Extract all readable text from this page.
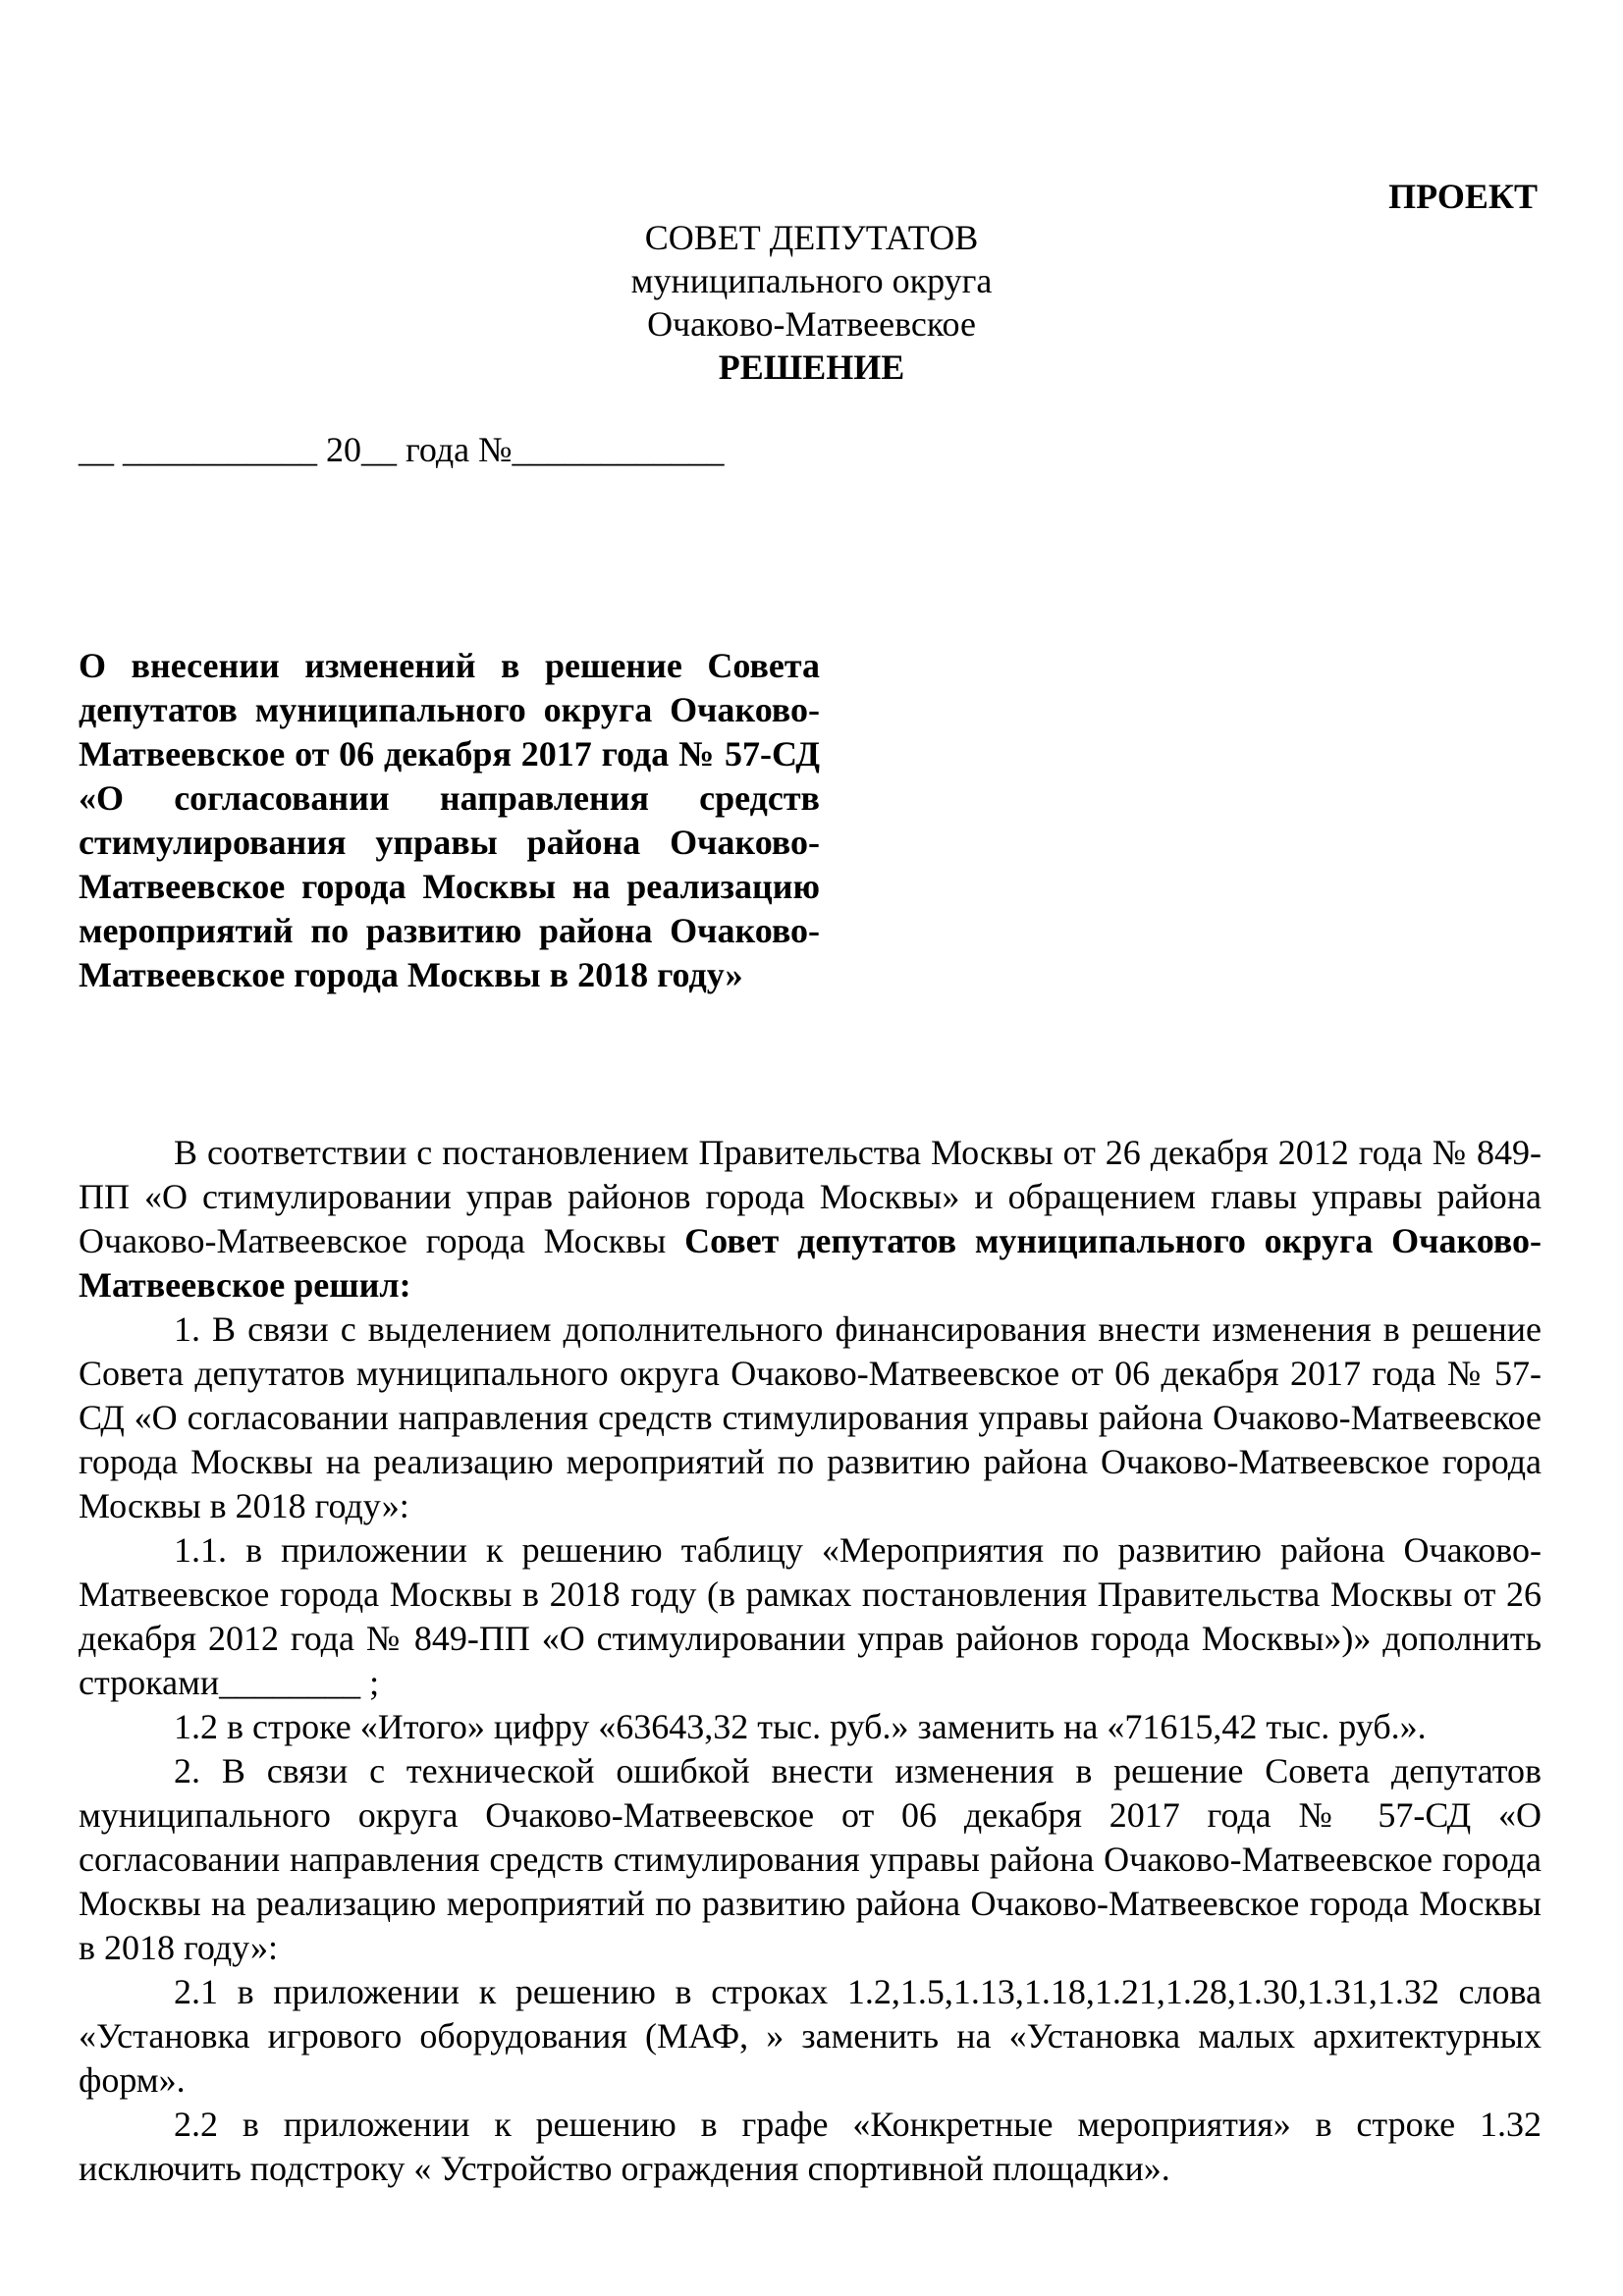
ПРОЕКТ
СОВЕТ ДЕПУТАТОВ
муниципального округа
Очаково-Матвеевское
РЕШЕНИЕ
__ ___________ 20__ года №____________
О внесении изменений в решение Совета депутатов муниципального округа Очаково-Матвеевское от 06 декабря 2017 года № 57-СД «О согласовании направления средств стимулирования управы района Очаково-Матвеевское города Москвы на реализацию мероприятий по развитию района Очаково-Матвеевское города Москвы в 2018 году»

В соответствии с постановлением Правительства Москвы от 26 декабря 2012 года № 849-ПП «О стимулировании управ районов города Москвы» и обращением главы управы района Очаково-Матвеевское города Москвы Совет депутатов муниципального округа Очаково-Матвеевское решил:

1. В связи с выделением дополнительного финансирования внести изменения в решение Совета депутатов муниципального округа Очаково-Матвеевское от 06 декабря 2017 года № 57-СД «О согласовании направления средств стимулирования управы района Очаково-Матвеевское города Москвы на реализацию мероприятий по развитию района Очаково-Матвеевское города Москвы в 2018 году»:

1.1. в приложении к решению таблицу «Мероприятия по развитию района Очаково-Матвеевское города Москвы в 2018 году (в рамках постановления Правительства Москвы от 26 декабря 2012 года № 849-ПП «О стимулировании управ районов города Москвы»)» дополнить строками________ ;

1.2 в строке «Итого» цифру «63643,32 тыс. руб.» заменить на «71615,42 тыс. руб.».

2. В связи с технической ошибкой внести изменения в решение Совета депутатов муниципального округа Очаково-Матвеевское от 06 декабря 2017 года № 57-СД «О согласовании направления средств стимулирования управы района Очаково-Матвеевское города Москвы на реализацию мероприятий по развитию района Очаково-Матвеевское города Москвы в 2018 году»:

2.1 в приложении к решению в строках 1.2,1.5,1.13,1.18,1.21,1.28,1.30,1.31,1.32 слова «Установка игрового оборудования (МАФ, » заменить на «Установка малых архитектурных форм».

2.2 в приложении к решению в графе «Конкретные мероприятия» в строке 1.32 исключить подстроку « Устройство ограждения спортивной площадки».
